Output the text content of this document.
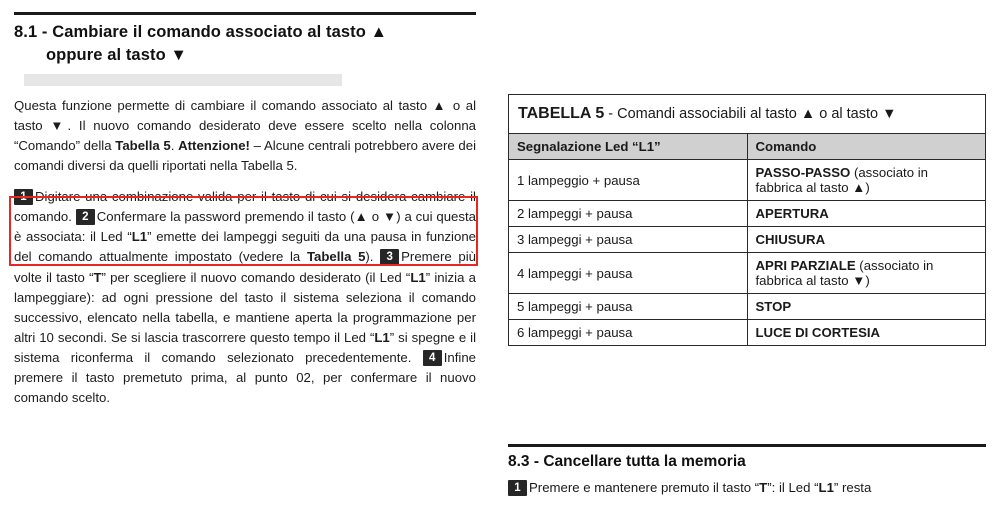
8.1 - Cambiare il comando associato al tasto ▲
oppure al tasto ▼

Questa funzione permette di cambiare il comando associato al tasto ▲ o al tasto ▼. Il nuovo comando desiderato deve essere scelto nella colonna “Comando” della Tabella 5. Attenzione! – Alcune centrali potrebbero avere dei comandi diversi da quelli riportati nella Tabella 5.

1 Digitare una combinazione valida per il tasto di cui si desidera cambiare il comando. 2 Confermare la password premendo il tasto (▲ o ▼) a cui questa è associata: il Led “L1” emette dei lampeggi seguiti da una pausa in funzione del comando attualmente impostato (vedere la Tabella 5). 3 Premere più volte il tasto “T” per scegliere il nuovo comando desiderato (il Led “L1” inizia a lampeggiare): ad ogni pressione del tasto il sistema seleziona il comando successivo, elencato nella tabella, e mantiene aperta la programmazione per altri 10 secondi. Se si lascia trascorrere questo tempo il Led “L1” si spegne e il sistema riconferma il comando selezionato precedentemente. 4 Infine premere il tasto premetuto prima, al punto 02, per confermare il nuovo comando scelto.

TABELLA 5 - Comandi associabili al tasto ▲ o al tasto ▼	
Segnalazione Led “L1”	Comando
1 lampeggio + pausa	PASSO-PASSO (associato in fabbrica al tasto ▲)
2 lampeggi + pausa	APERTURA
3 lampeggi + pausa	CHIUSURA
4 lampeggi + pausa	APRI PARZIALE (associato in fabbrica al tasto ▼)
5 lampeggi + pausa	STOP
6 lampeggi + pausa	LUCE DI CORTESIA
8.3 - Cancellare tutta la memoria
1 Premere e mantenere premuto il tasto “T”: il Led “L1” resta
